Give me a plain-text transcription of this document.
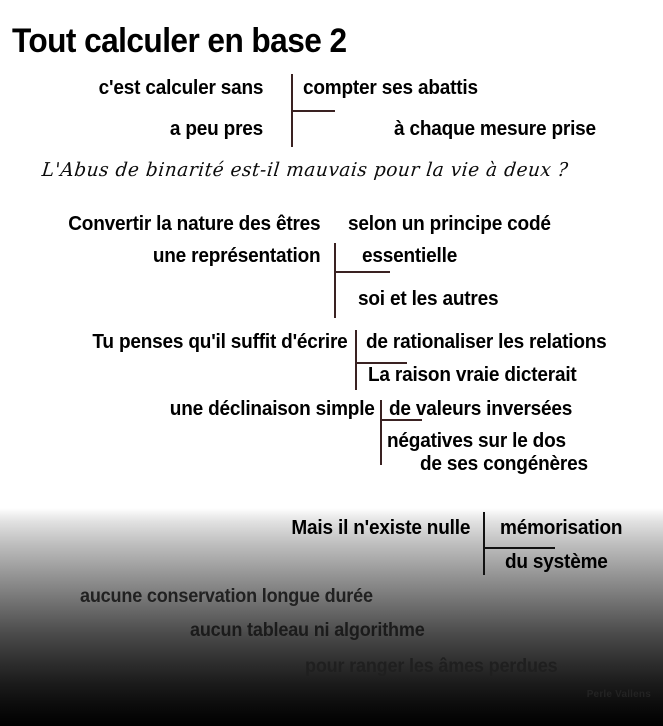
Tout calculer en base 2
c'est calculer sans
a peu pres
compter ses abattis
à chaque mesure prise
L'Abus de binarité est-il mauvais pour la vie à deux ?
Convertir la nature des êtres
une représentation
selon un principe codé
essentielle
soi et les autres
Tu penses qu'il suffit d'écrire de rationaliser les relations
La raison vraie dicterait
une déclinaison simple de valeurs inversées
négatives sur le dos
de ses congénères
Mais il n'existe nulle mémorisation
du système
aucune conservation longue durée
aucun tableau ni algorithme
pour ranger les âmes perdues
Perle Vallens
